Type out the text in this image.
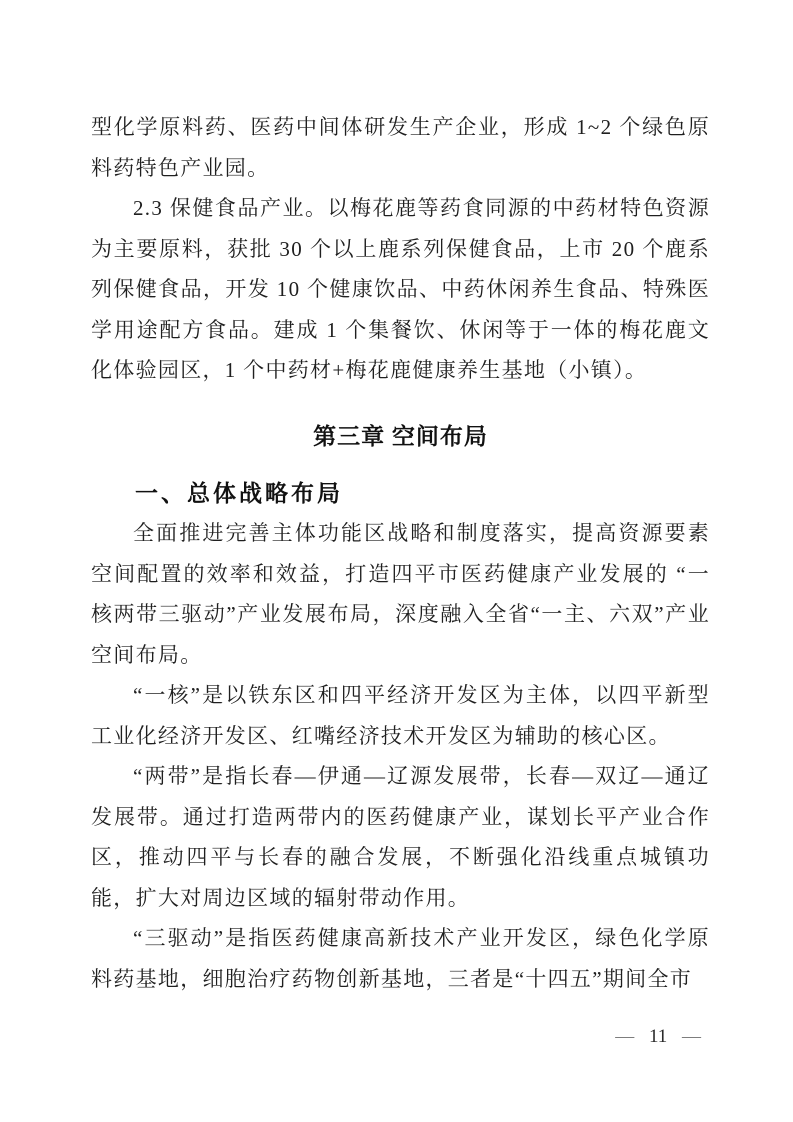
型化学原料药、医药中间体研发生产企业，形成 1~2 个绿色原料药特色产业园。

2.3 保健食品产业。以梅花鹿等药食同源的中药材特色资源为主要原料，获批 30 个以上鹿系列保健食品，上市 20 个鹿系列保健食品，开发 10 个健康饮品、中药休闲养生食品、特殊医学用途配方食品。建成 1 个集餐饮、休闲等于一体的梅花鹿文化体验园区，1 个中药材+梅花鹿健康养生基地（小镇）。

第三章 空间布局
一、总体战略布局

全面推进完善主体功能区战略和制度落实，提高资源要素空间配置的效率和效益，打造四平市医药健康产业发展的 “一核两带三驱动”产业发展布局，深度融入全省“一主、六双”产业空间布局。

“一核”是以铁东区和四平经济开发区为主体，以四平新型工业化经济开发区、红嘴经济技术开发区为辅助的核心区。

“两带”是指长春—伊通—辽源发展带，长春—双辽—通辽发展带。通过打造两带内的医药健康产业，谋划长平产业合作区，推动四平与长春的融合发展，不断强化沿线重点城镇功能，扩大对周边区域的辐射带动作用。

“三驱动”是指医药健康高新技术产业开发区，绿色化学原料药基地，细胞治疗药物创新基地，三者是“十四五”期间全市

— 11 —
